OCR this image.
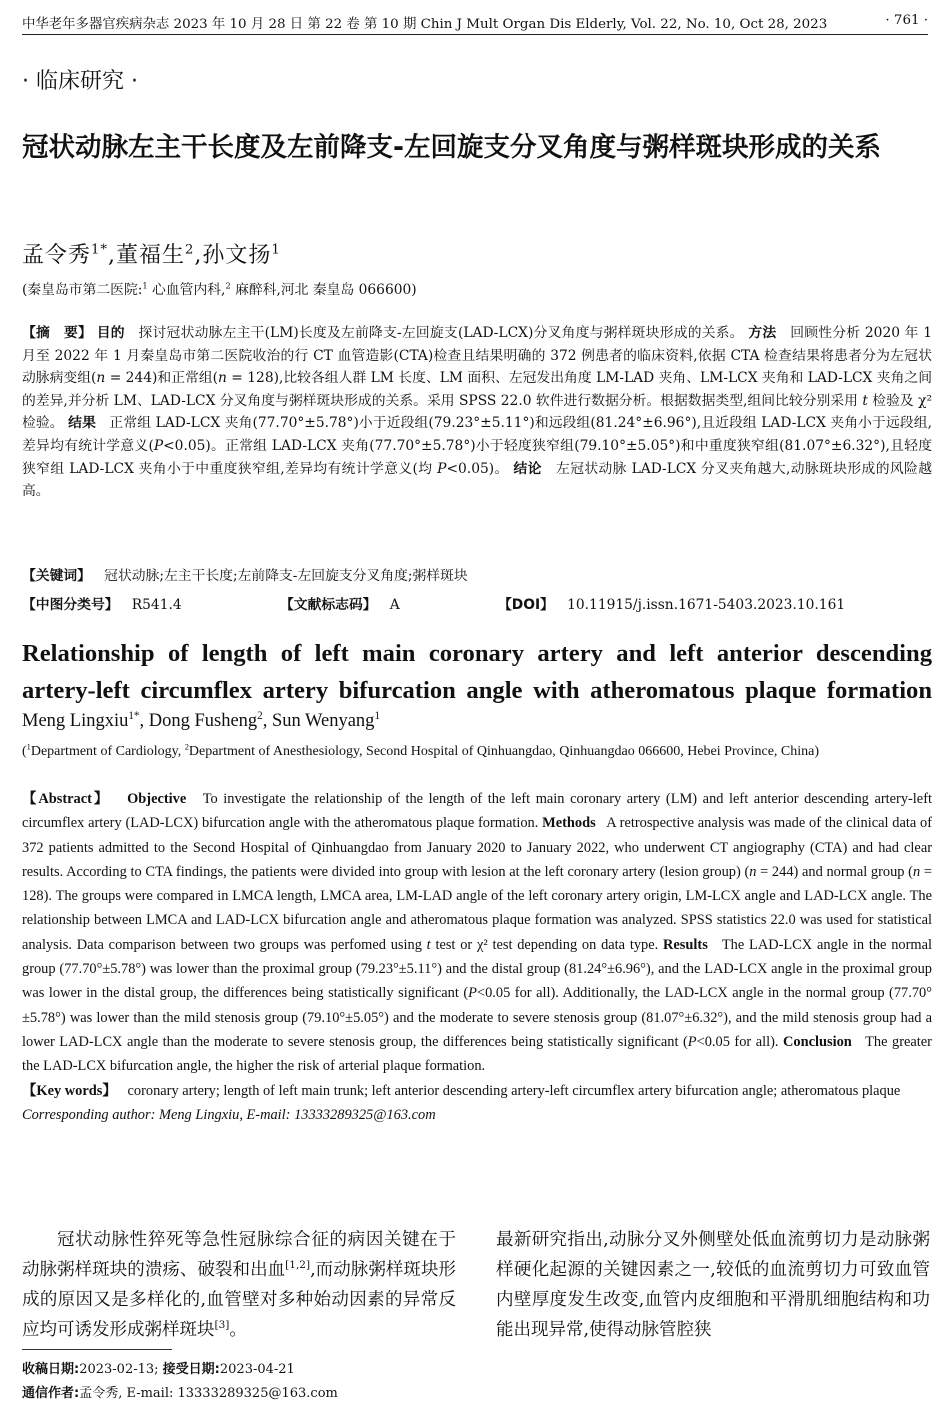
中华老年多器官疾病杂志 2023 年 10 月 28 日 第 22 卷 第 10 期 Chin J Mult Organ Dis Elderly, Vol. 22, No. 10, Oct 28, 2023	· 761 ·
· 临床研究 ·
冠状动脉左主干长度及左前降支-左回旋支分叉角度与粥样斑块形成的关系
孟令秀$^{1*}$,董福生$^2$,孙文扬$^1$
(秦皇岛市第二医院:$^1$ 心血管内科,$^2$ 麻醉科,河北 秦皇岛 066600)
【摘　要】 目的 探讨冠状动脉左主干(LM)长度及左前降支-左回旋支(LAD-LCX)分叉角度与粥样斑块形成的关系。 方法 回顾性分析 2020 年 1 月至 2022 年 1 月秦皇岛市第二医院收治的行 CT 血管造影(CTA)检查且结果明确的 372 例患者的临床资料,依据 CTA 检查结果将患者分为左冠状动脉病变组(n = 244)和正常组(n = 128),比较各组人群 LM 长度、LM 面积、左冠发出角度 LM-LAD 夹角、LM-LCX 夹角和 LAD-LCX 夹角之间的差异,并分析 LM、LAD-LCX 分叉角度与粥样斑块形成的关系。采用 SPSS 22.0 软件进行数据分析。根据数据类型,组间比较分别采用 t 检验及 χ² 检验。 结果 正常组 LAD-LCX 夹角(77.70°±5.78°)小于近段组(79.23°±5.11°)和远段组(81.24°±6.96°),且近段组 LAD-LCX 夹角小于远段组,差异均有统计学意义(P<0.05)。正常组 LAD-LCX 夹角(77.70°±5.78°)小于轻度狭窄组(79.10°±5.05°)和中重度狭窄组(81.07°±6.32°),且轻度狭窄组 LAD-LCX 夹角小于中重度狭窄组,差异均有统计学意义(均 P<0.05)。 结论 左冠状动脉 LAD-LCX 分叉夹角越大,动脉斑块形成的风险越高。
【关键词】 冠状动脉;左主干长度;左前降支-左回旋支分叉角度;粥样斑块
【中图分类号】 R541.4	【文献标志码】 A	【DOI】 10.11915/j.issn.1671-5403.2023.10.161
Relationship of length of left main coronary artery and left anterior descending
artery-left circumflex artery bifurcation angle with atheromatous plaque formation
Meng Lingxiu$^{1*}$, Dong Fusheng$^2$, Sun Wenyang$^1$
($^1$Department of Cardiology, $^2$Department of Anesthesiology, Second Hospital of Qinhuangdao, Qinhuangdao 066600, Hebei Province, China)
【Abstract】 Objective To investigate the relationship of the length of the left main coronary artery (LM) and left anterior descending artery-left circumflex artery (LAD-LCX) bifurcation angle with the atheromatous plaque formation. Methods A retrospective analysis was made of the clinical data of 372 patients admitted to the Second Hospital of Qinhuangdao from January 2020 to January 2022, who underwent CT angiography (CTA) and had clear results. According to CTA findings, the patients were divided into group with lesion at the left coronary artery (lesion group) (n = 244) and normal group (n = 128). The groups were compared in LMCA length, LMCA area, LM-LAD angle of the left coronary artery origin, LM-LCX angle and LAD-LCX angle. The relationship between LMCA and LAD-LCX bifurcation angle and atheromatous plaque formation was analyzed. SPSS statistics 22.0 was used for statistical analysis. Data comparison between two groups was perfomed using t test or χ² test depending on data type. Results The LAD-LCX angle in the normal group (77.70°±5.78°) was lower than the proximal group (79.23°±5.11°) and the distal group (81.24°±6.96°), and the LAD-LCX angle in the proximal group was lower in the distal group, the differences being statistically significant (P<0.05 for all). Additionally, the LAD-LCX angle in the normal group (77.70°±5.78°) was lower than the mild stenosis group (79.10°±5.05°) and the moderate to severe stenosis group (81.07°±6.32°), and the mild stenosis group had a lower LAD-LCX angle than the moderate to severe stenosis group, the differences being statistically significant (P<0.05 for all). Conclusion The greater the LAD-LCX bifurcation angle, the higher the risk of arterial plaque formation.
【Key words】 coronary artery; length of left main trunk; left anterior descending artery-left circumflex artery bifurcation angle; atheromatous plaque
Corresponding author: Meng Lingxiu, E-mail: 13333289325@163.com
冠状动脉性猝死等急性冠脉综合征的病因关键在于动脉粥样斑块的溃疡、破裂和出血[1,2],而动脉粥样斑块形成的原因又是多样化的,血管壁对多种始动因素的异常反应均可诱发形成粥样斑块[3]。
最新研究指出,动脉分叉外侧壁处低血流剪切力是动脉粥样硬化起源的关键因素之一,较低的血流剪切力可致血管内壁厚度发生改变,血管内皮细胞和平滑肌细胞结构和功能出现异常,使得动脉管腔狭
收稿日期:2023-02-13; 接受日期:2023-04-21
通信作者:孟令秀, E-mail: 13333289325@163.com
